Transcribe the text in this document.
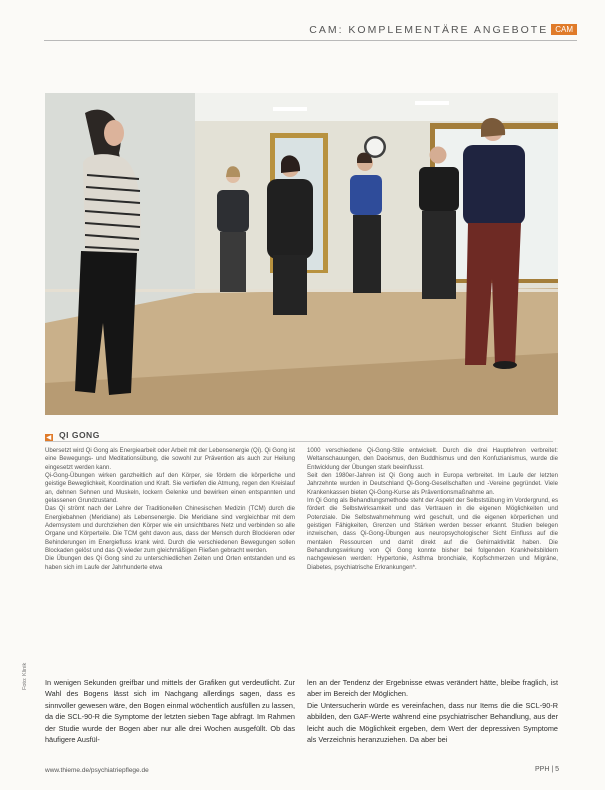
CAM: KOMPLEMENTÄRE ANGEBOTE CAM
◀ QI GONG

Übersetzt wird Qi Gong als Energiearbeit oder Arbeit mit der Lebensenergie (Qi). Qi Gong ist eine Bewegungs- und Meditationsübung, die sowohl zur Prävention als auch zur Heilung eingesetzt werden kann.

Qi-Gong-Übungen wirken ganzheitlich auf den Körper, sie fördern die körperliche und geistige Beweglichkeit, Koordination und Kraft. Sie vertiefen die Atmung, regen den Kreislauf an, dehnen Sehnen und Muskeln, lockern Gelenke und bewirken einen entspannten und gelassenen Grundzustand.

Das Qi strömt nach der Lehre der Traditionellen Chinesischen Medizin (TCM) durch die Energiebahnen (Meridiane) als Lebensenergie. Die Meridiane sind vergleichbar mit dem Adernsystem und durchziehen den Körper wie ein unsichtbares Netz und verbinden so alle Organe und Körperteile. Die TCM geht davon aus, dass der Mensch durch Blockieren oder Behinderungen im Energiefluss krank wird. Durch die verschiedenen Bewegungen sollen Blockaden gelöst und das Qi wieder zum gleichmäßigen Fließen gebracht werden.

Die Übungen des Qi Gong sind zu unterschiedlichen Zeiten und Orten entstanden und es haben sich im Laufe der Jahrhunderte etwa

1000 verschiedene Qi-Gong-Stile entwickelt. Durch die drei Hauptlehren verbreitet: Weltanschauungen, den Daoismus, den Buddhismus und den Konfuzianismus, wurde die Entwicklung der Übungen stark beeinflusst.

Seit den 1980er-Jahren ist Qi Gong auch in Europa verbreitet. Im Laufe der letzten Jahrzehnte wurden in Deutschland Qi-Gong-Gesellschaften und -Vereine gegründet. Viele Krankenkassen bieten Qi-Gong-Kurse als Präventionsmaßnahme an.

Im Qi Gong als Behandlungsmethode steht der Aspekt der Selbststübung im Vordergrund, es fördert die Selbstwirksamkeit und das Vertrauen in die eigenen Möglichkeiten und Potenziale. Die Selbstwahrnehmung wird geschult, und die eigenen körperlichen und geistigen Fähigkeiten, Grenzen und Stärken werden besser erkannt. Studien belegen inzwischen, dass Qi-Gong-Übungen aus neuropsychologischer Sicht Einfluss auf die mentalen Ressourcen und damit direkt auf die Gehirnaktivität haben. Die Behandlungswirkung von Qi Gong konnte bisher bei folgenden Krankheitsbildern nachgewiesen werden: Hypertonie, Asthma bronchiale, Kopfschmerzen und Migräne, Diabetes, psychiatrische Erkrankungen*.

In wenigen Sekunden greifbar und mittels der Grafiken gut verdeutlicht. Zur Wahl des Bogens lässt sich im Nachgang allerdings sagen, dass es sinnvoller gewesen wäre, den Bogen einmal wöchentlich ausfüllen zu lassen, da die SCL-90-R die Symptome der letzten sieben Tage abfragt. Im Rahmen der Studie wurde der Bogen aber nur alle drei Wochen ausgefüllt. Ob das häufigere Ausfül-
len an der Tendenz der Ergebnisse etwas verändert hätte, bleibe fraglich, ist aber im Bereich der Möglichen.
Die Untersucherin würde es vereinfachen, dass nur Items die die SCL-90-R abbilden, den GAF-Werte während eine psychiatrischer Behandlung, aus der leicht auch die Möglichkeit ergeben, dem Wert der depressiven Symptome als Verzeichnis heranzuziehen. Da aber bei
Foto: Klinik
www.thieme.de/psychiatriepflege.de	PPH | 5
